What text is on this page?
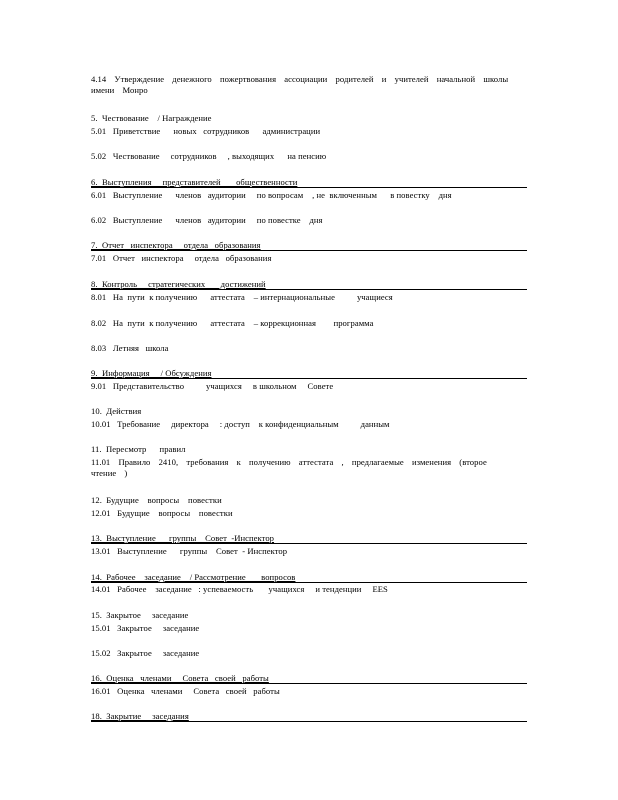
4.14 Утверждение денежного пожертвования ассоциации родителей и учителей начальной школы имени Монро
5.  Чествование    / Награждение
5.01   Приветствие      новых   сотрудников      администрации
5.02   Чествование     сотрудников     , выходящих      на пенсию
6.  Выступления     представителей       общественности
6.01   Выступление      членов   аудитории     по вопросам    , не  включенным      в повестку    дня
6.02   Выступление      членов   аудитории     по повестке    дня
7.  Отчет   инспектора     отдела   образования
7.01   Отчет   инспектора     отдела   образования
8.  Контроль     стратегических       достижений
8.01   На  пути  к получению      аттестата    – интернациональные          учащиеся
8.02   На  пути  к получению      аттестата    – коррекционная        программа
8.03   Летняя   школа
9.  Информация     / Обсуждения
9.01   Представительство          учащихся     в школьном     Совете
10.  Действия
10.01   Требование     директора     : доступ    к конфиденциальным          данным
11.  Пересмотр      правил
11.01 Правило 2410, требования к получению аттестата , предлагаемые изменения (второе чтение )
12.  Будущие    вопросы    повестки
12.01   Будущие    вопросы    повестки
13.  Выступление      группы    Совет  -Инспектор
13.01   Выступление      группы    Совет  - Инспектор
14.  Рабочее    заседание    / Рассмотрение       вопросов
14.01   Рабочее    заседание   : успеваемость       учащихся     и тенденции     EES
15.  Закрытое     заседание
15.01   Закрытое     заседание
15.02   Закрытое     заседание
16.  Оценка   членами     Совета   своей   работы
16.01   Оценка   членами     Совета   своей   работы
18.  Закрытие     заседания
